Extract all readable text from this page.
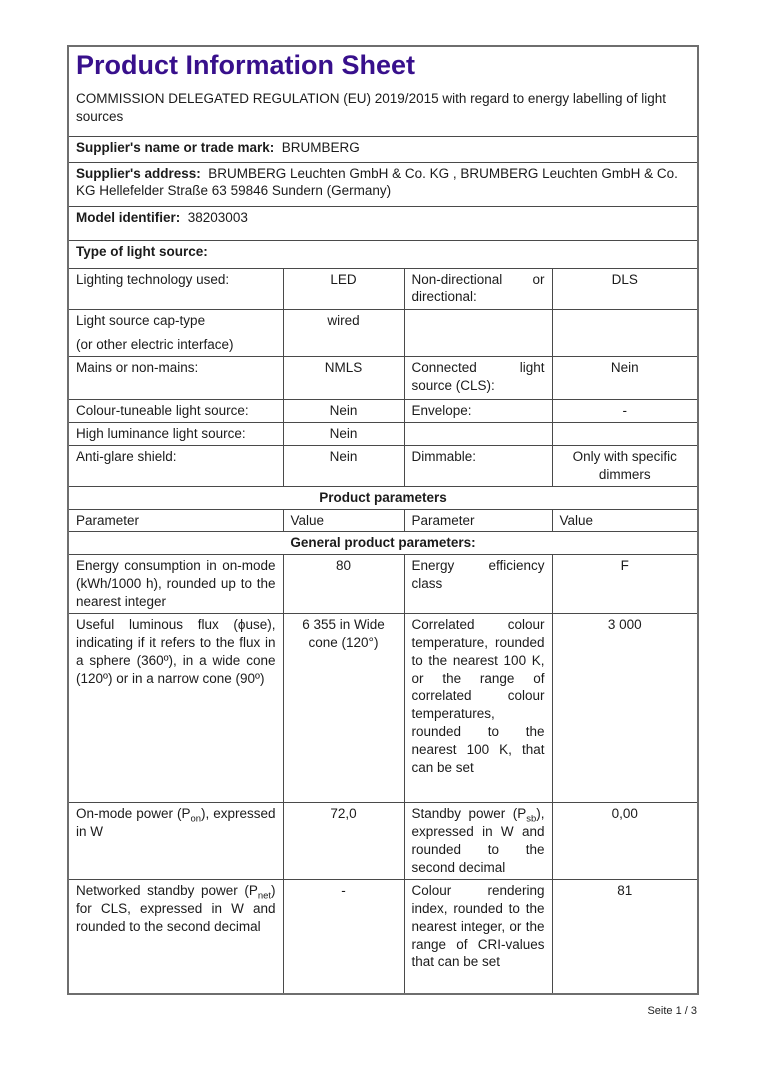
Product Information Sheet

COMMISSION DELEGATED REGULATION (EU) 2019/2015 with regard to energy labelling of light sources

Supplier's name or trade mark: BRUMBERG			
Supplier's address: BRUMBERG Leuchten GmbH & Co. KG , BRUMBERG Leuchten GmbH & Co. KG Hellefelder Straße 63 59846 Sundern (Germany)			
Model identifier: 38203003			
Type of light source:			
Lighting technology used:	LED	Non-directional or directional:	DLS

Light source cap-type
(or other electric interface)	wired		
Mains or non-mains:	NMLS	Connected light source (CLS):	Nein
Colour-tuneable light source:	Nein	Envelope:	-
High luminance light source:	Nein		
Anti-glare shield:	Nein	Dimmable:	Only with specific dimmers
Product parameters			
Parameter	Value	Parameter	Value
General product parameters:			
Energy consumption in on-mode (kWh/1000 h), rounded up to the nearest integer	80	Energy efficiency class	F
Useful luminous flux (ϕuse), indicating if it refers to the flux in a sphere (360º), in a wide cone (120º) or in a narrow cone (90º)	6 355 in Wide cone (120°)	Correlated colour temperature, rounded to the nearest 100 K, or the range of correlated colour temperatures, rounded to the nearest 100 K, that can be set	3 000
On-mode power $(P_{on})$, expressed in W	72,0	Standby power $(P_{sb})$, expressed in W and rounded to the second decimal	0,00
Networked standby power $(P_{net})$ for CLS, expressed in W and rounded to the second decimal	-	Colour rendering index, rounded to the nearest integer, or the range of CRI-values that can be set	81
Seite 1 / 3
